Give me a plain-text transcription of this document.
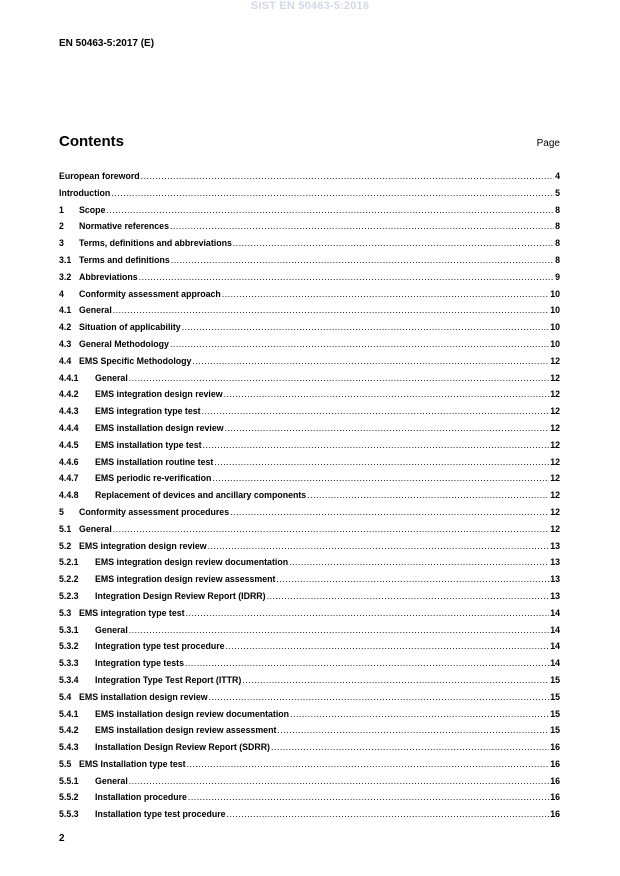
SIST EN 50463-5:2018
EN 50463-5:2017 (E)
Contents	Page
European foreword .....	4
Introduction .....	5
1	Scope .....	8
2	Normative references .....	8
3	Terms, definitions and abbreviations .....	8
3.1 Terms and definitions .....	8
3.2 Abbreviations .....	9
4	Conformity assessment approach .....	10
4.1 General .....	10
4.2 Situation of applicability .....	10
4.3 General Methodology .....	10
4.4 EMS Specific Methodology .....	12
4.4.1	General .....	12
4.4.2	EMS integration design review .....	12
4.4.3	EMS integration type test .....	12
4.4.4	EMS installation design review .....	12
4.4.5	EMS installation type test .....	12
4.4.6	EMS installation routine test .....	12
4.4.7	EMS periodic re-verification .....	12
4.4.8	Replacement of devices and ancillary components .....	12
5	Conformity assessment procedures .....	12
5.1 General .....	12
5.2 EMS integration design review .....	13
5.2.1	EMS integration design review documentation .....	13
5.2.2	EMS integration design review assessment .....	13
5.2.3	Integration Design Review Report (IDRR) .....	13
5.3 EMS integration type test .....	14
5.3.1	General .....	14
5.3.2	Integration type test procedure .....	14
5.3.3	Integration type tests .....	14
5.3.4	Integration Type Test Report (ITTR) .....	15
5.4 EMS installation design review .....	15
5.4.1	EMS installation design review documentation .....	15
5.4.2	EMS installation design review assessment .....	15
5.4.3	Installation Design Review Report (SDRR) .....	16
5.5 EMS Installation type test .....	16
5.5.1	General .....	16
5.5.2	Installation procedure .....	16
5.5.3	Installation type test procedure .....	16
2
